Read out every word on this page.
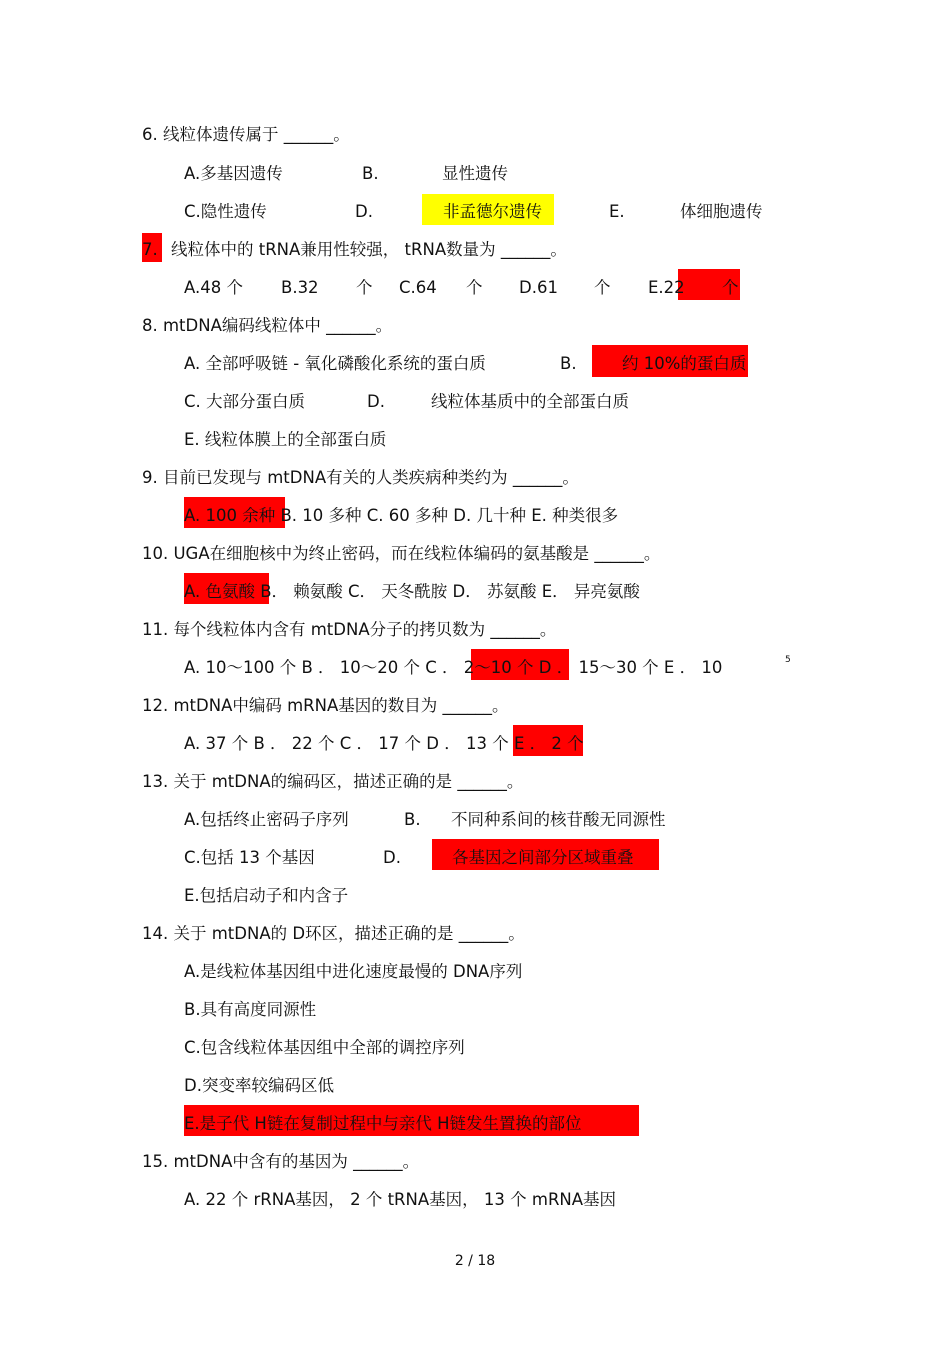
6. 线粒体遗传属于 ______。
A.多基因遗传	B.	显性遗传
C.隐性遗传	D.	非孟德尔遗传	E.	体细胞遗传
7. 线粒体中的 tRNA兼用性较强， tRNA数量为 ______。
A.48 个 B.32 个 C.64 个 D.61 个 E.22 个
8. mtDNA编码线粒体中 ______。
A. 全部呼吸链 - 氧化磷酸化系统的蛋白质	B.	约 10%的蛋白质
C. 大部分蛋白质	D.	线粒体基质中的全部蛋白质
E. 线粒体膜上的全部蛋白质
9. 目前已发现与 mtDNA有关的人类疾病种类约为 ______。
A. 100 余种 B. 10 多种 C. 60 多种 D. 几十种 E. 种类很多
10. UGA在细胞核中为终止密码，而在线粒体编码的氨基酸是 ______。
A. 色氨酸 B． 赖氨酸 C． 天冬酰胺 D． 苏氨酸 E． 异亮氨酸
11. 每个线粒体内含有 mtDNA分子的拷贝数为 ______。
A. 10～100 个 B ． 10～20 个 C ． 2～10 个 D ． 15～30 个 E ． 10	5
12. mtDNA中编码 mRNA基因的数目为 ______。
A. 37 个 B ． 22 个 C ． 17 个 D ． 13 个 E ． 2 个
13. 关于 mtDNA的编码区，描述正确的是 ______。
A.包括终止密码子序列	B. 不同种系间的核苷酸无同源性
C.包括 13 个基因	D.	各基因之间部分区域重叠
E.包括启动子和内含子
14. 关于 mtDNA的 D环区，描述正确的是 ______。
A.是线粒体基因组中进化速度最慢的 DNA序列
B.具有高度同源性
C.包含线粒体基因组中全部的调控序列
D.突变率较编码区低
E.是子代 H链在复制过程中与亲代 H链发生置换的部位
15. mtDNA中含有的基因为 ______。
A. 22 个 rRNA基因， 2 个 tRNA基因， 13 个 mRNA基因
2 / 18
